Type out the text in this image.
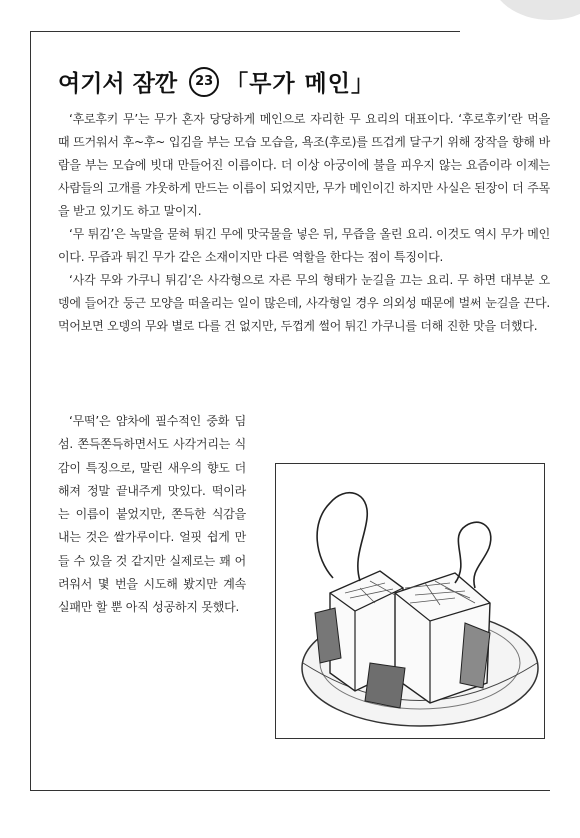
여기서 잠깐	23 「무가 메인」

‘후로후키 무’는 무가 혼자 당당하게 메인으로 자리한 무 요리의 대표이다. ‘후로후키’란 먹을 때 뜨거워서 후~후~ 입김을 부는 모습 모습을, 욕조(후로)를 뜨겁게 달구기 위해 장작을 향해 바람을 부는 모습에 빗대 만들어진 이름이다. 더 이상 아궁이에 불을 피우지 않는 요즘이라 이제는 사람들의 고개를 갸웃하게 만드는 이름이 되었지만, 무가 메인이긴 하지만 사실은 된장이 더 주목을 받고 있기도 하고 말이지.

‘무 튀김’은 녹말을 묻혀 튀긴 무에 맛국물을 넣은 뒤, 무즙을 올린 요리. 이것도 역시 무가 메인이다. 무즙과 튀긴 무가 같은 소재이지만 다른 역할을 한다는 점이 특징이다.

‘사각 무와 가쿠니 튀김’은 사각형으로 자른 무의 형태가 눈길을 끄는 요리. 무 하면 대부분 오뎅에 들어간 둥근 모양을 떠올리는 일이 많은데, 사각형일 경우 의외성 때문에 벌써 눈길을 끈다. 먹어보면 오뎅의 무와 별로 다를 건 없지만, 두껍게 썰어 튀긴 가쿠니를 더해 진한 맛을 더했다.

‘무떡’은 얌차에 필수적인 중화 딤섬. 쫀득쫀득하면서도 사각거리는 식감이 특징으로, 말린 새우의 향도 더해져 정말 끝내주게 맛있다. 떡이라는 이름이 붙었지만, 쫀득한 식감을 내는 것은 쌀가루이다. 얼핏 쉽게 만들 수 있을 것 같지만 실제로는 꽤 어려워서 몇 번을 시도해 봤지만 계속 실패만 할 뿐 아직 성공하지 못했다.
